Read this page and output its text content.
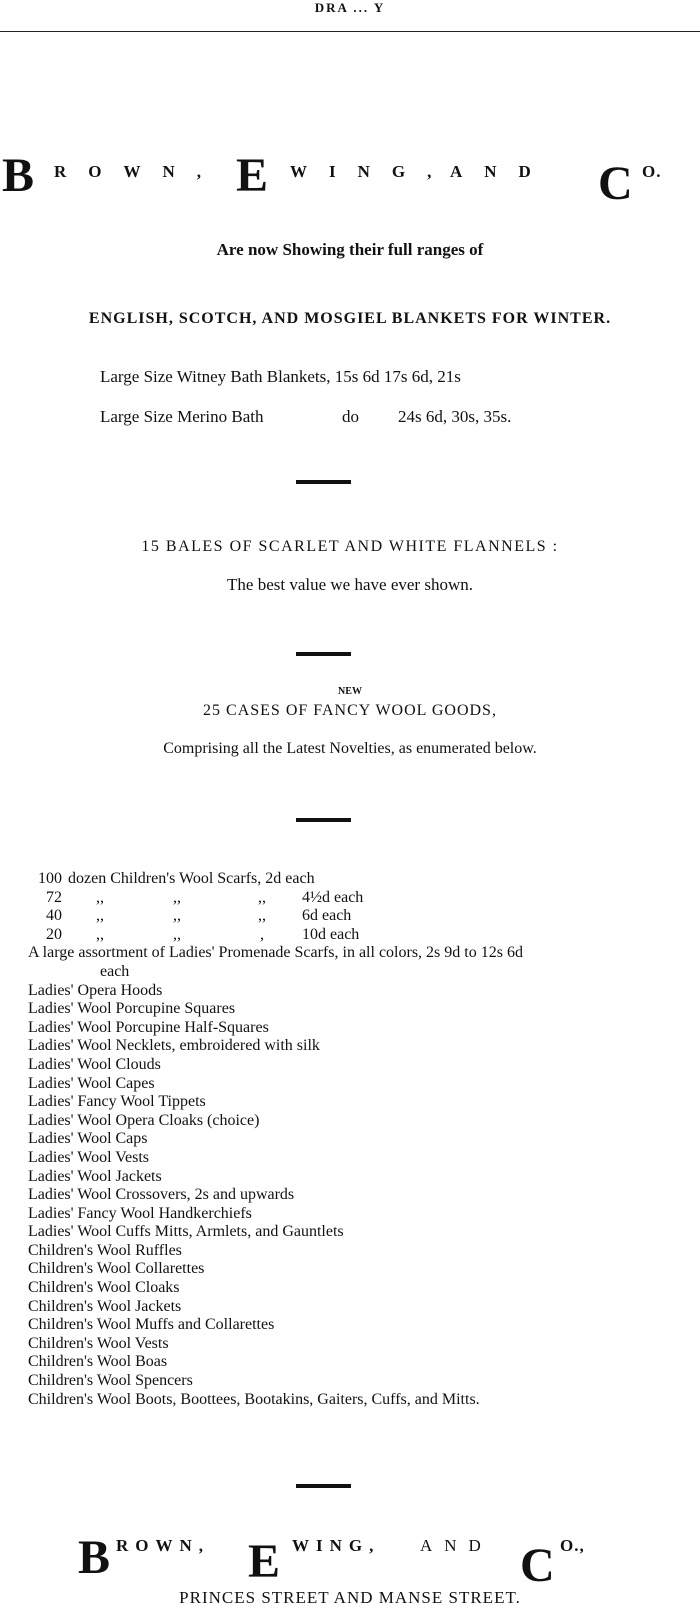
DRA ... Y
B ROWN, E WING,
AND C O.
Are now Showing their full ranges of
ENGLISH, SCOTCH, AND MOSGIEL BLANKETS FOR WINTER.
Large Size Witney Bath Blankets, 15s 6d 17s 6d, 21s
Large Size Merino Bath	do 24s 6d, 30s, 35s.
15 BALES OF SCARLET AND WHITE FLANNELS :
The best value we have ever shown.
NEW
25 CASES OF FANCY WOOL GOODS,
Comprising all the Latest Novelties, as enumerated below.
100 dozen Children's Wool Scarfs, 2d each
72 ,,	,,	,, 4½d each
40 ,,	,,	,, 6d each
20 ,,	,,	, 10d each
A large assortment of Ladies' Promenade Scarfs, in all colors, 2s 9d to 12s 6d
each
Ladies' Opera Hoods
Ladies' Wool Porcupine Squares
Ladies' Wool Porcupine Half-Squares
Ladies' Wool Necklets, embroidered with silk
Ladies' Wool Clouds
Ladies' Wool Capes
Ladies' Fancy Wool Tippets
Ladies' Wool Opera Cloaks (choice)
Ladies' Wool Caps
Ladies' Wool Vests
Ladies' Wool Jackets
Ladies' Wool Crossovers, 2s and upwards
Ladies' Fancy Wool Handkerchiefs
Ladies' Wool Cuffs Mitts, Armlets, and Gauntlets
Children's Wool Ruffles
Children's Wool Collarettes
Children's Wool Cloaks
Children's Wool Jackets
Children's Wool Muffs and Collarettes
Children's Wool Vests
Children's Wool Boas
Children's Wool Spencers
Children's Wool Boots, Boottees, Bootakins, Gaiters, Cuffs, and Mitts.
B ROWN, E WING, AND C O.,
PRINCES STREET AND MANSE STREET.
